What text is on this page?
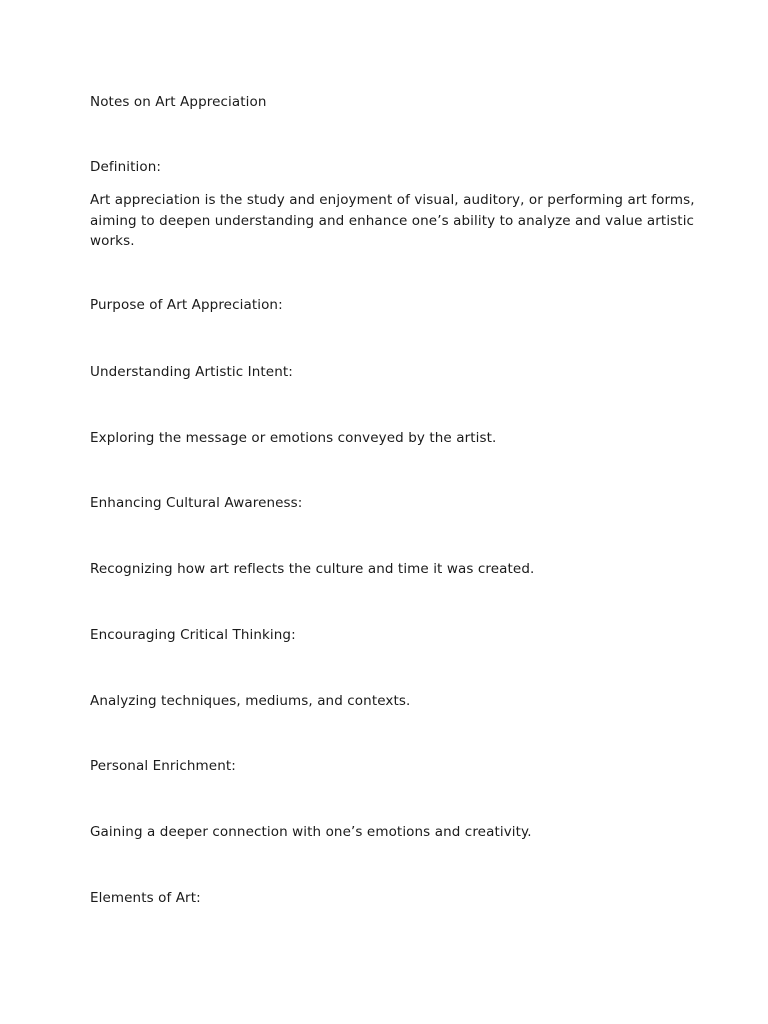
Notes on Art Appreciation
Definition:
Art appreciation is the study and enjoyment of visual, auditory, or performing art forms,
aiming to deepen understanding and enhance one’s ability to analyze and value artistic
works.
Purpose of Art Appreciation:
Understanding Artistic Intent:
Exploring the message or emotions conveyed by the artist.
Enhancing Cultural Awareness:
Recognizing how art reflects the culture and time it was created.
Encouraging Critical Thinking:
Analyzing techniques, mediums, and contexts.
Personal Enrichment:
Gaining a deeper connection with one’s emotions and creativity.
Elements of Art:
